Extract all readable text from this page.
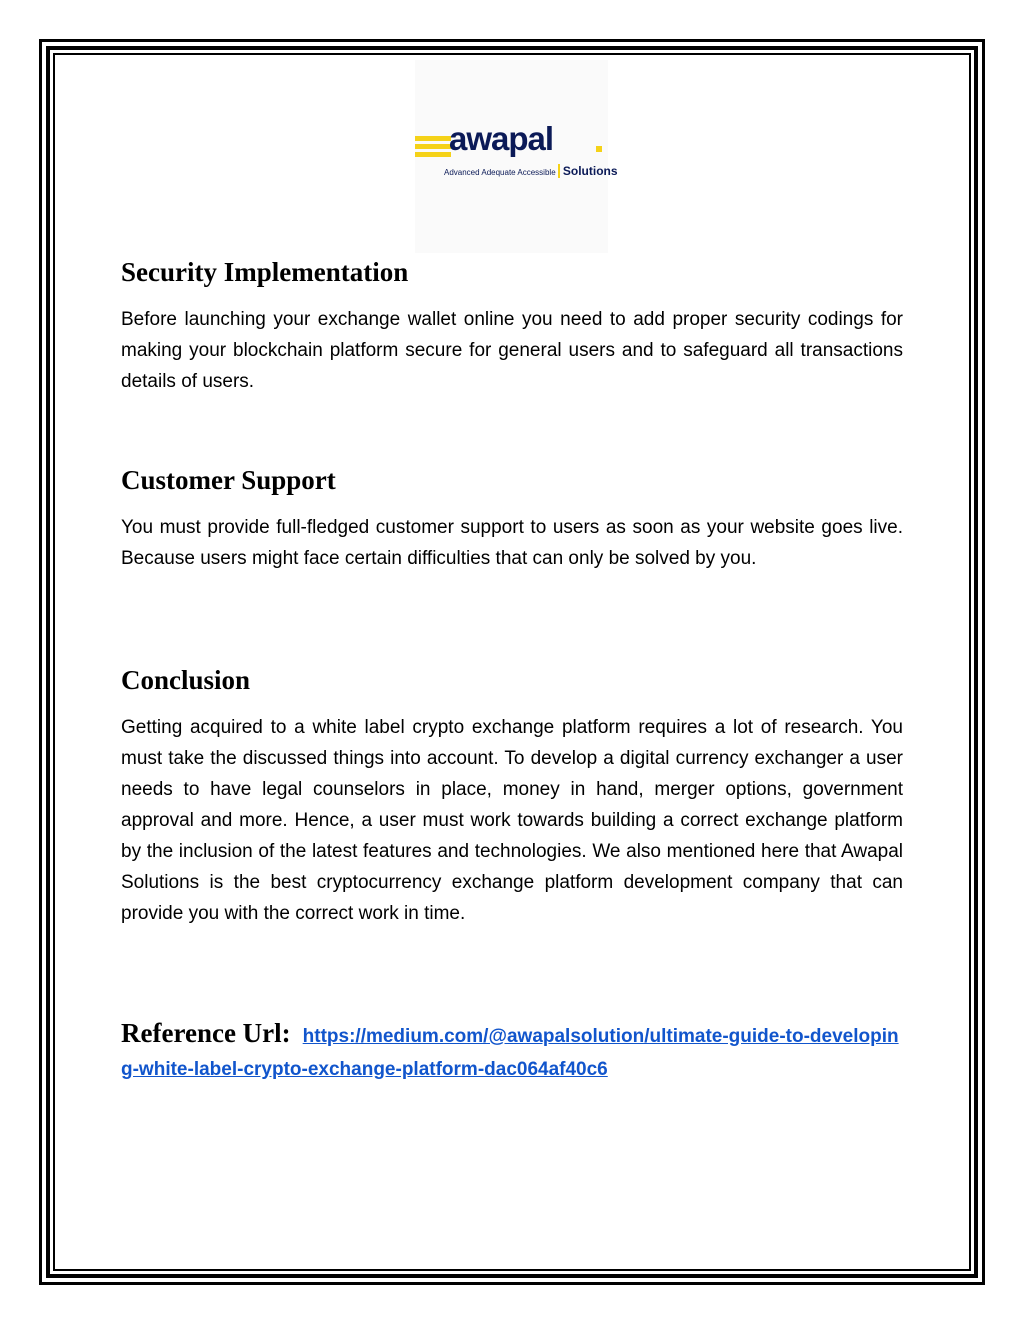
awapal
Advanced Adequate Accessible Solutions
Security Implementation

Before launching your exchange wallet online you need to add proper security codings for making your blockchain platform secure for general users and to safeguard all transactions details of users.

Customer Support

You must provide full-fledged customer support to users as soon as your website goes live. Because users might face certain difficulties that can only be solved by you.

Conclusion

Getting acquired to a white label crypto exchange platform requires a lot of research. You must take the discussed things into account. To develop a digital currency exchanger a user needs to have legal counselors in place, money in hand, merger options, government approval and more. Hence, a user must work towards building a correct exchange platform by the inclusion of the latest features and technologies. We also mentioned here that Awapal Solutions is the best cryptocurrency exchange platform development company that can provide you with the correct work in time.

Reference Url: https://medium.com/@awapalsolution/ultimate-guide-to-developing-white-label-crypto-exchange-platform-dac064af40c6
